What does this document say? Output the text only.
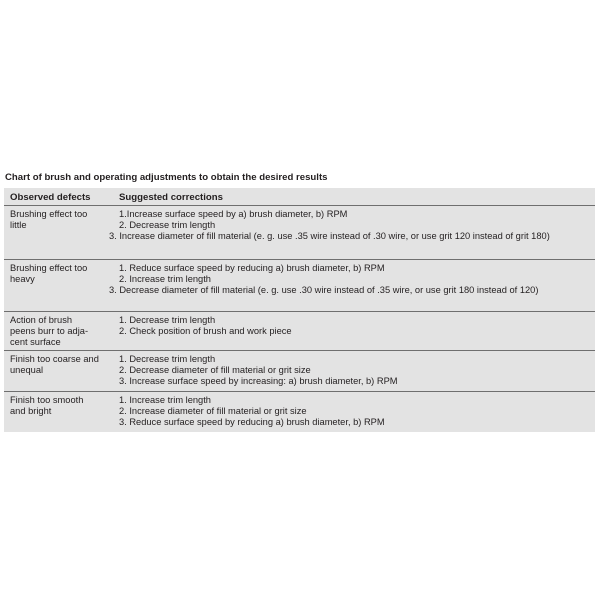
Chart of brush and operating adjustments to obtain the desired results
Observed defects	Suggested corrections
Brushing effect too little
1.Increase surface speed by a) brush diameter, b) RPM
2. Decrease trim length
3. Increase diameter of fill material (e. g. use .35 wire instead of .30 wire, or use grit 120 instead of grit 180)
Brushing effect too heavy
1. Reduce surface speed by reducing a) brush diameter, b) RPM
2. Increase trim length
3. Decrease diameter of fill material (e. g. use .30 wire instead of .35 wire, or use grit 180 instead of 120)
Action of brush peens burr to adja-cent surface
1. Decrease trim length
2. Check position of brush and work piece
Finish too coarse and unequal
1. Decrease trim length
2. Decrease diameter of fill material or grit size
3. Increase surface speed by increasing: a) brush diameter, b) RPM
Finish too smooth and bright
1. Increase trim length
2. Increase diameter of fill material or grit size
3. Reduce surface speed by reducing a) brush diameter, b) RPM
